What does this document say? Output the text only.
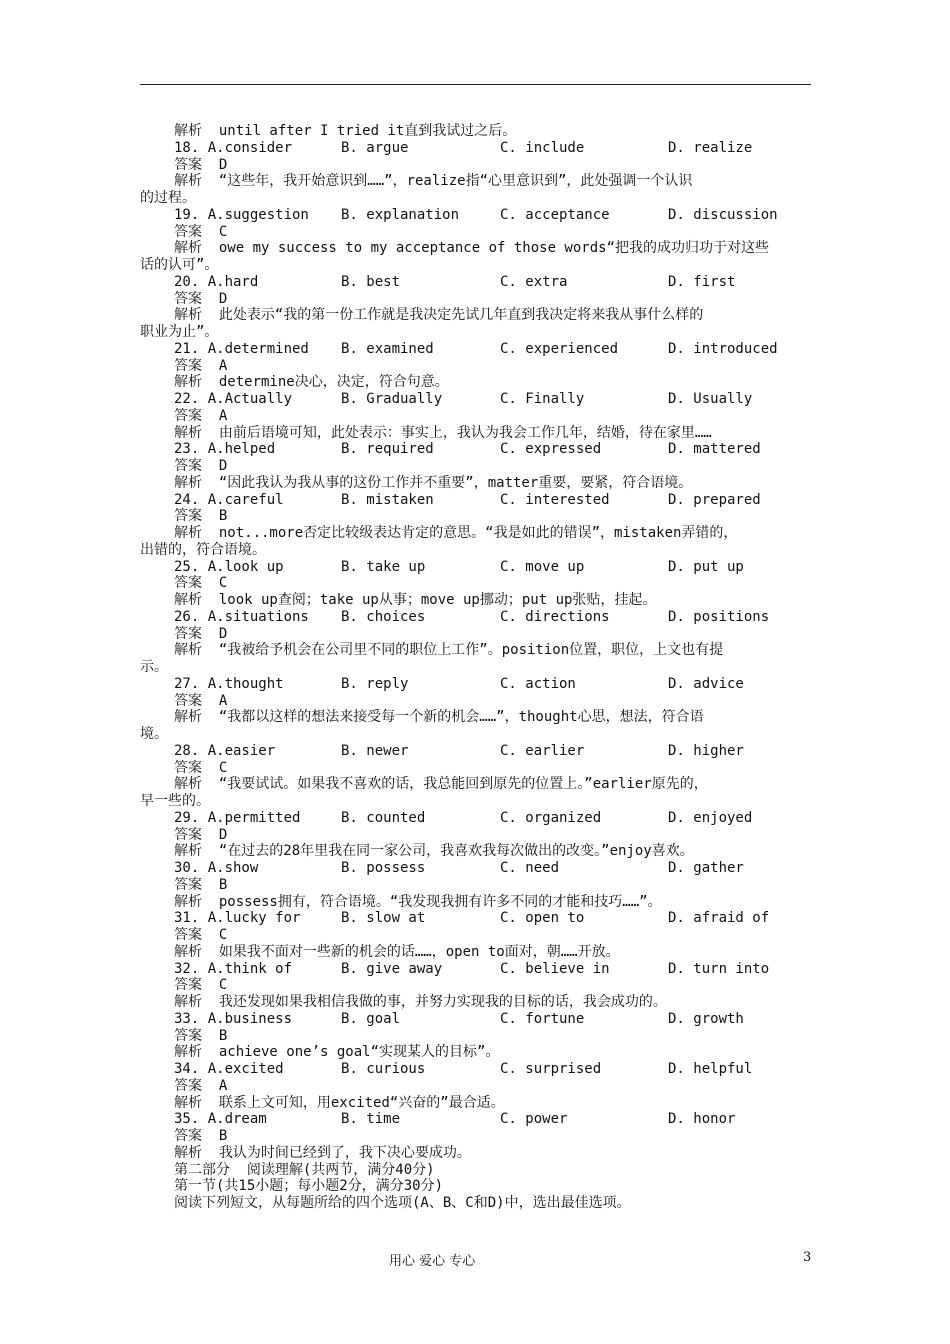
解析  until after I tried it直到我试过之后。
18. A.consider	B. argue	C. include	D. realize
答案  D
解析  “这些年，我开始意识到……”，realize指“心里意识到”，此处强调一个认识
的过程。
19. A.suggestion	B. explanation	C. acceptance	D. discussion
答案  C
解析  owe my success to my acceptance of those words“把我的成功归功于对这些
话的认可”。
20. A.hard	B. best	C. extra	D. first
答案  D
解析  此处表示“我的第一份工作就是我决定先试几年直到我决定将来我从事什么样的
职业为止”。
21. A.determined	B. examined	C. experienced	D. introduced
答案  A
解析  determine决心，决定，符合句意。
22. A.Actually	B. Gradually	C. Finally	D. Usually
答案  A
解析  由前后语境可知，此处表示：事实上，我认为我会工作几年，结婚，待在家里……
23. A.helped	B. required	C. expressed	D. mattered
答案  D
解析  “因此我认为我从事的这份工作并不重要”，matter重要，要紧，符合语境。
24. A.careful	B. mistaken	C. interested	D. prepared
答案  B
解析  not...more否定比较级表达肯定的意思。“我是如此的错误”，mistaken弄错的，
出错的，符合语境。
25. A.look up	B. take up	C. move up	D. put up
答案  C
解析  look up查阅；take up从事；move up挪动；put up张贴，挂起。
26. A.situations	B. choices	C. directions	D. positions
答案  D
解析  “我被给予机会在公司里不同的职位上工作”。position位置，职位，上文也有提
示。
27. A.thought	B. reply	C. action	D. advice
答案  A
解析  “我都以这样的想法来接受每一个新的机会……”，thought心思，想法，符合语
境。
28. A.easier	B. newer	C. earlier	D. higher
答案  C
解析  “我要试试。如果我不喜欢的话，我总能回到原先的位置上。”earlier原先的，
早一些的。
29. A.permitted	B. counted	C. organized	D. enjoyed
答案  D
解析  “在过去的28年里我在同一家公司，我喜欢我每次做出的改变。”enjoy喜欢。
30. A.show	B. possess	C. need	D. gather
答案  B
解析  possess拥有，符合语境。“我发现我拥有许多不同的才能和技巧……”。
31. A.lucky for	B. slow at	C. open to	D. afraid of
答案  C
解析  如果我不面对一些新的机会的话……，open to面对，朝……开放。
32. A.think of	B. give away	C. believe in	D. turn into
答案  C
解析  我还发现如果我相信我做的事，并努力实现我的目标的话，我会成功的。
33. A.business	B. goal	C. fortune	D. growth
答案  B
解析  achieve one’s goal“实现某人的目标”。
34. A.excited	B. curious	C. surprised	D. helpful
答案  A
解析  联系上文可知，用excited“兴奋的”最合适。
35. A.dream	B. time	C. power	D. honor
答案  B
解析  我认为时间已经到了，我下决心要成功。
第二部分  阅读理解(共两节，满分40分)
第一节(共15小题；每小题2分，满分30分)
阅读下列短文，从每题所给的四个选项(A、B、C和D)中，选出最佳选项。
用心 爱心 专心	3
